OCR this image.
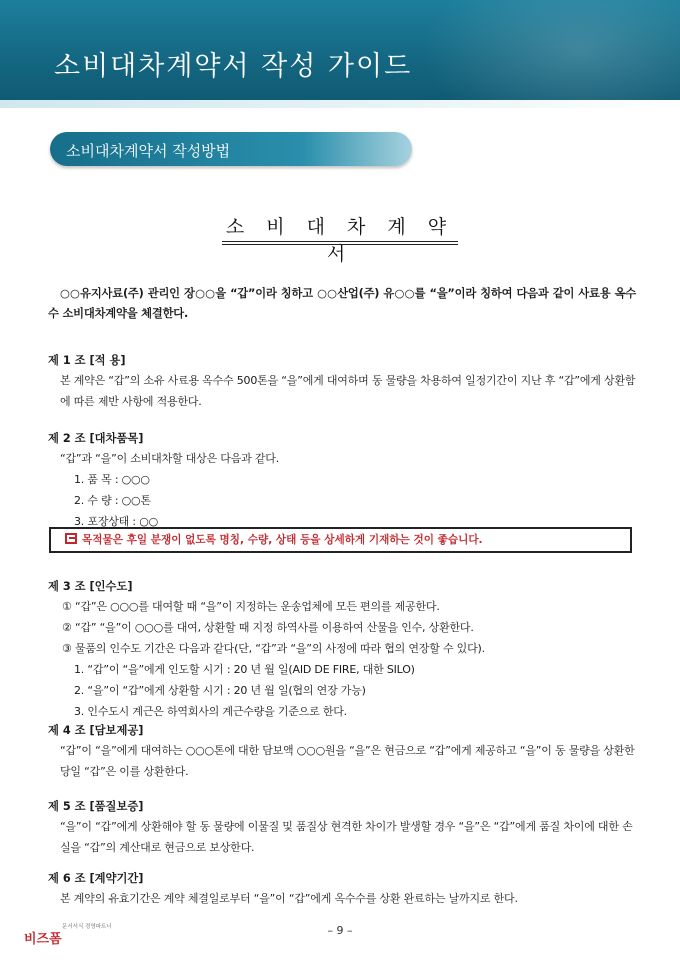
소비대차계약서 작성 가이드
소비대차계약서 작성방법
소 비 대 차 계 약 서

○○유지사료(주) 관리인 장○○을 “갑”이라 칭하고 ○○산업(주) 유○○를 “을”이라 칭하여 다음과 같이 사료용 옥수수 소비대차계약을 체결한다.

제 1 조 [적 용]
본 계약은 “갑”의 소유 사료용 옥수수 500톤을 “을”에게 대여하며 동 물량을 차용하여 일정기간이 지난 후 “갑”에게 상환함에 따른 제반 사항에 적용한다.
제 2 조 [대차품목]
“갑”과 “을”이 소비대차할 대상은 다음과 같다.
1. 품 목 : ○○○
2. 수 량 : ○○톤
3. 포장상태 : ○○
목적물은 후일 분쟁이 없도록 명칭, 수량, 상태 등을 상세하게 기재하는 것이 좋습니다.
제 3 조 [인수도]
① “갑”은 ○○○를 대여할 때 “을”이 지정하는 운송업체에 모든 편의를 제공한다.
② “갑” “을”이 ○○○를 대여, 상환할 때 지정 하역사를 이용하여 산물을 인수, 상환한다.
③ 물품의 인수도 기간은 다음과 같다(단, “갑”과 “을”의 사정에 따라 협의 연장할 수 있다).
1. “갑”이 “을”에게 인도할 시기 : 20 년 월 일(AID DE FIRE, 대한 SILO)
2. “을”이 “갑”에게 상환할 시기 : 20 년 월 일(협의 연장 가능)
3. 인수도시 계근은 하역회사의 계근수량을 기준으로 한다.
제 4 조 [담보제공]
“갑”이 “을”에게 대여하는 ○○○톤에 대한 담보액 ○○○원을 “을”은 현금으로 “갑”에게 제공하고 “을”이 동 물량을 상환한 당일 “갑”은 이를 상환한다.
제 5 조 [품질보증]
“을”이 “갑”에게 상환해야 할 동 물량에 이물질 및 품질상 현격한 차이가 발생할 경우 “을”은 “갑”에게 품질 차이에 대한 손실을 “갑”의 계산대로 현금으로 보상한다.
제 6 조 [계약기간]
본 계약의 유효기간은 계약 체결일로부터 “을”이 “갑”에게 옥수수를 상환 완료하는 날까지로 한다.
– 9 –
문서서식 경영파트너
비즈폼
